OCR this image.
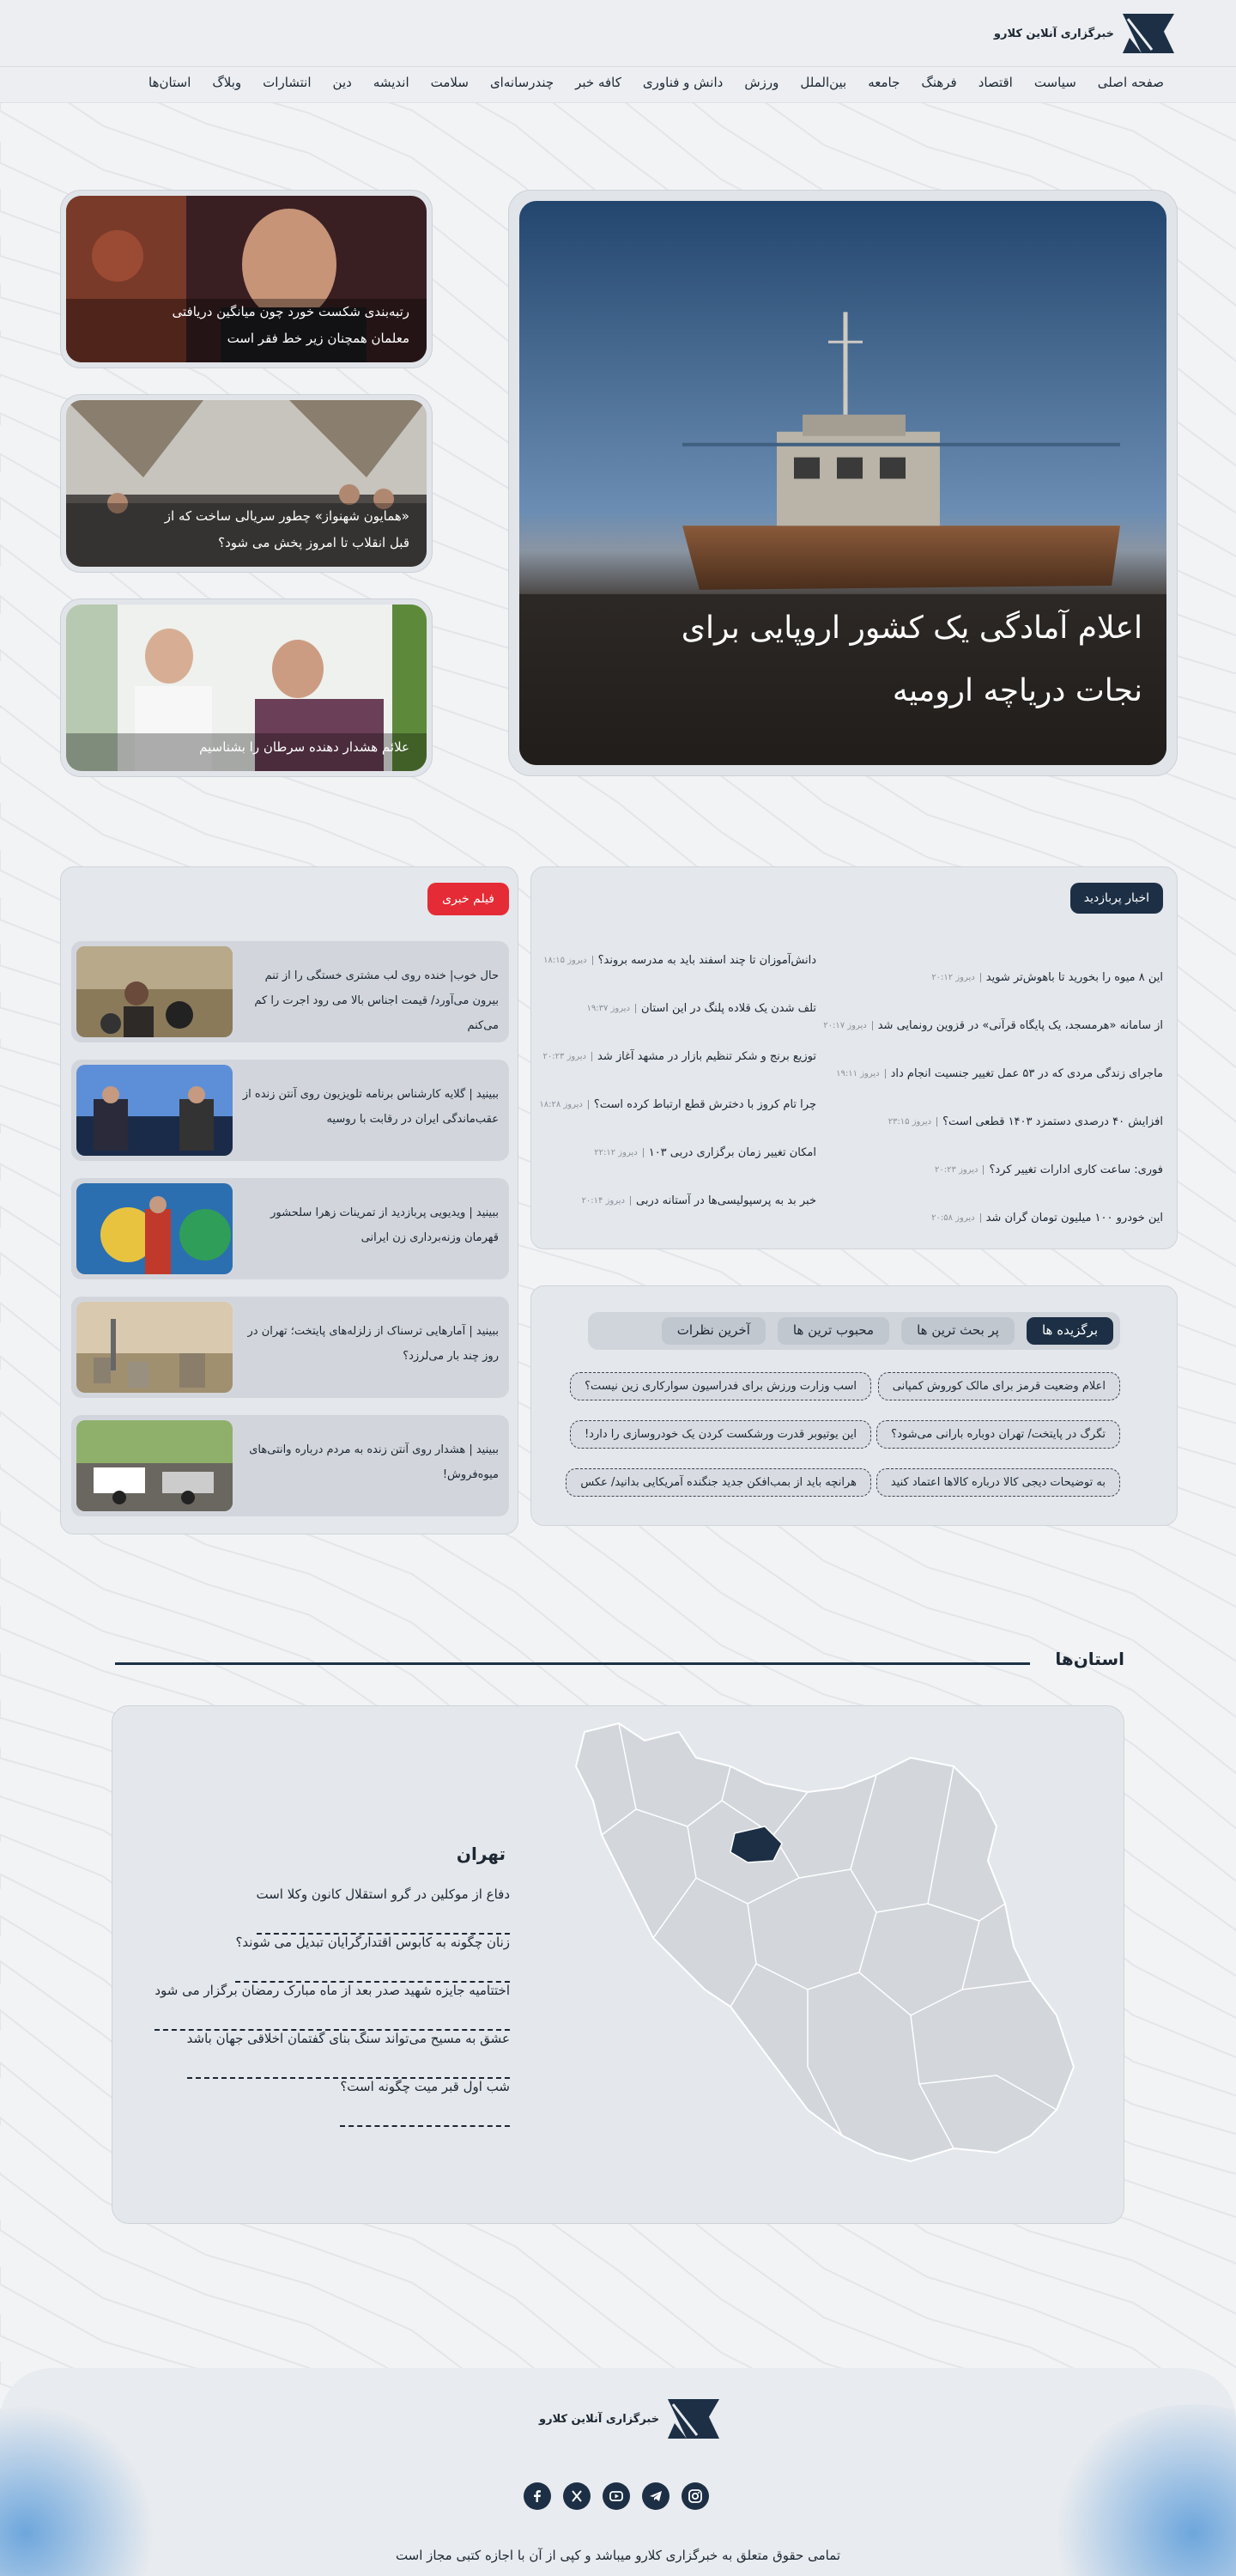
خبرگزاری آنلاین کلارو
صفحه اصلی
سیاست
اقتصاد
فرهنگ
جامعه
بین‌الملل
ورزش
دانش و فناوری
کافه خبر
چندرسانه‌ای
سلامت
اندیشه
دین
انتشارات
وبلاگ
استان‌ها
اعلام آمادگی یک کشور اروپایی برای نجات دریاچه ارومیه
رتبه‌بندی شکست خورد چون میانگین دریافتی معلمان همچنان زیر خط فقر است
«همایون شهنواز» چطور سریالی ساخت که از قبل انقلاب تا امروز پخش می شود؟
علائم هشدار دهنده سرطان را بشناسیم
اخبار پربازدید
این ۸ میوه را بخورید تا باهوش‌تر شوید
دیروز ۲۰:۱۲
از سامانه «هرمسجد، یک پایگاه قرآنی» در قزوین رونمایی شد
دیروز ۲۰:۱۷
ماجرای زندگی مردی که در ۵۳ عمل تغییر جنسیت انجام داد
دیروز ۱۹:۱۱
افزایش ۴۰ درصدی دستمزد ۱۴۰۳ قطعی است؟
دیروز ۲۳:۱۵
فوری: ساعت کاری ادارات تغییر کرد؟
دیروز ۲۰:۲۳
این خودرو ۱۰۰ میلیون تومان گران شد
دیروز ۲۰:۵۸
دانش‌آموزان تا چند اسفند باید به مدرسه بروند؟
دیروز ۱۸:۱۵
تلف شدن یک قلاده پلنگ در این استان
دیروز ۱۹:۳۷
توزیع برنج و شکر تنظیم بازار در مشهد آغاز شد
دیروز ۲۰:۲۳
چرا تام کروز با دخترش قطع ارتباط کرده است؟
دیروز ۱۸:۲۸
امکان تغییر زمان برگزاری دربی ۱۰۳
دیروز ۲۲:۱۲
خبر بد به پرسپولیسی‌ها در آستانه دربی
دیروز ۲۰:۱۴
فیلم خبری
حال خوب| خنده روی لب مشتری خستگی را از تنم بیرون می‌آورد/ قیمت اجناس بالا می رود اجرت را کم می‌کنم
ببینید | گلایه کارشناس برنامه تلویزیون روی آنتن زنده از عقب‌ماندگی ایران در رقابت با روسیه
ببینید | ویدیویی پربازدید از تمرینات زهرا سلحشور قهرمان وزنه‌برداری زن ایرانی
ببینید | آمارهایی ترسناک از زلزله‌های پایتخت؛ تهران در روز چند بار می‌لرزد؟
ببینید | هشدار روی آنتن زنده به مردم درباره وانتی‌های میوه‌فروش!
برگزیده ها
پر بحث ترین ها
محبوب ترین ها
آخرین نظرات
اعلام وضعیت قرمز برای مالک کوروش کمپانی
اسب وزارت ورزش برای فدراسیون سوارکاری زین نیست؟
تگرگ در پایتخت/ تهران دوباره بارانی می‌شود؟
این یوتیوبر قدرت ورشکست کردن یک خودروسازی را دارد!
به توضیحات دیجی کالا درباره کالاها اعتماد کنید
هرانچه باید از بمب‌افکن جدید جنگنده آمریکایی بدانید/ عکس
استان‌ها
تهران
دفاع از موکلین در گرو استقلال کانون وکلا است
زنان چگونه به کابوس اقتدارگرایان تبدیل می شوند؟
اختتامیه جایزه شهید صدر بعد از ماه مبارک رمضان برگزار می شود
عشق به مسیح می‌تواند سنگ بنای گفتمان اخلاقی جهان باشد
شب اول قبر میت چگونه است؟
خبرگزاری آنلاین کلارو
تمامی حقوق متعلق به خبرگزاری کلارو میباشد و کپی از آن با اجازه کتبی مجاز است
